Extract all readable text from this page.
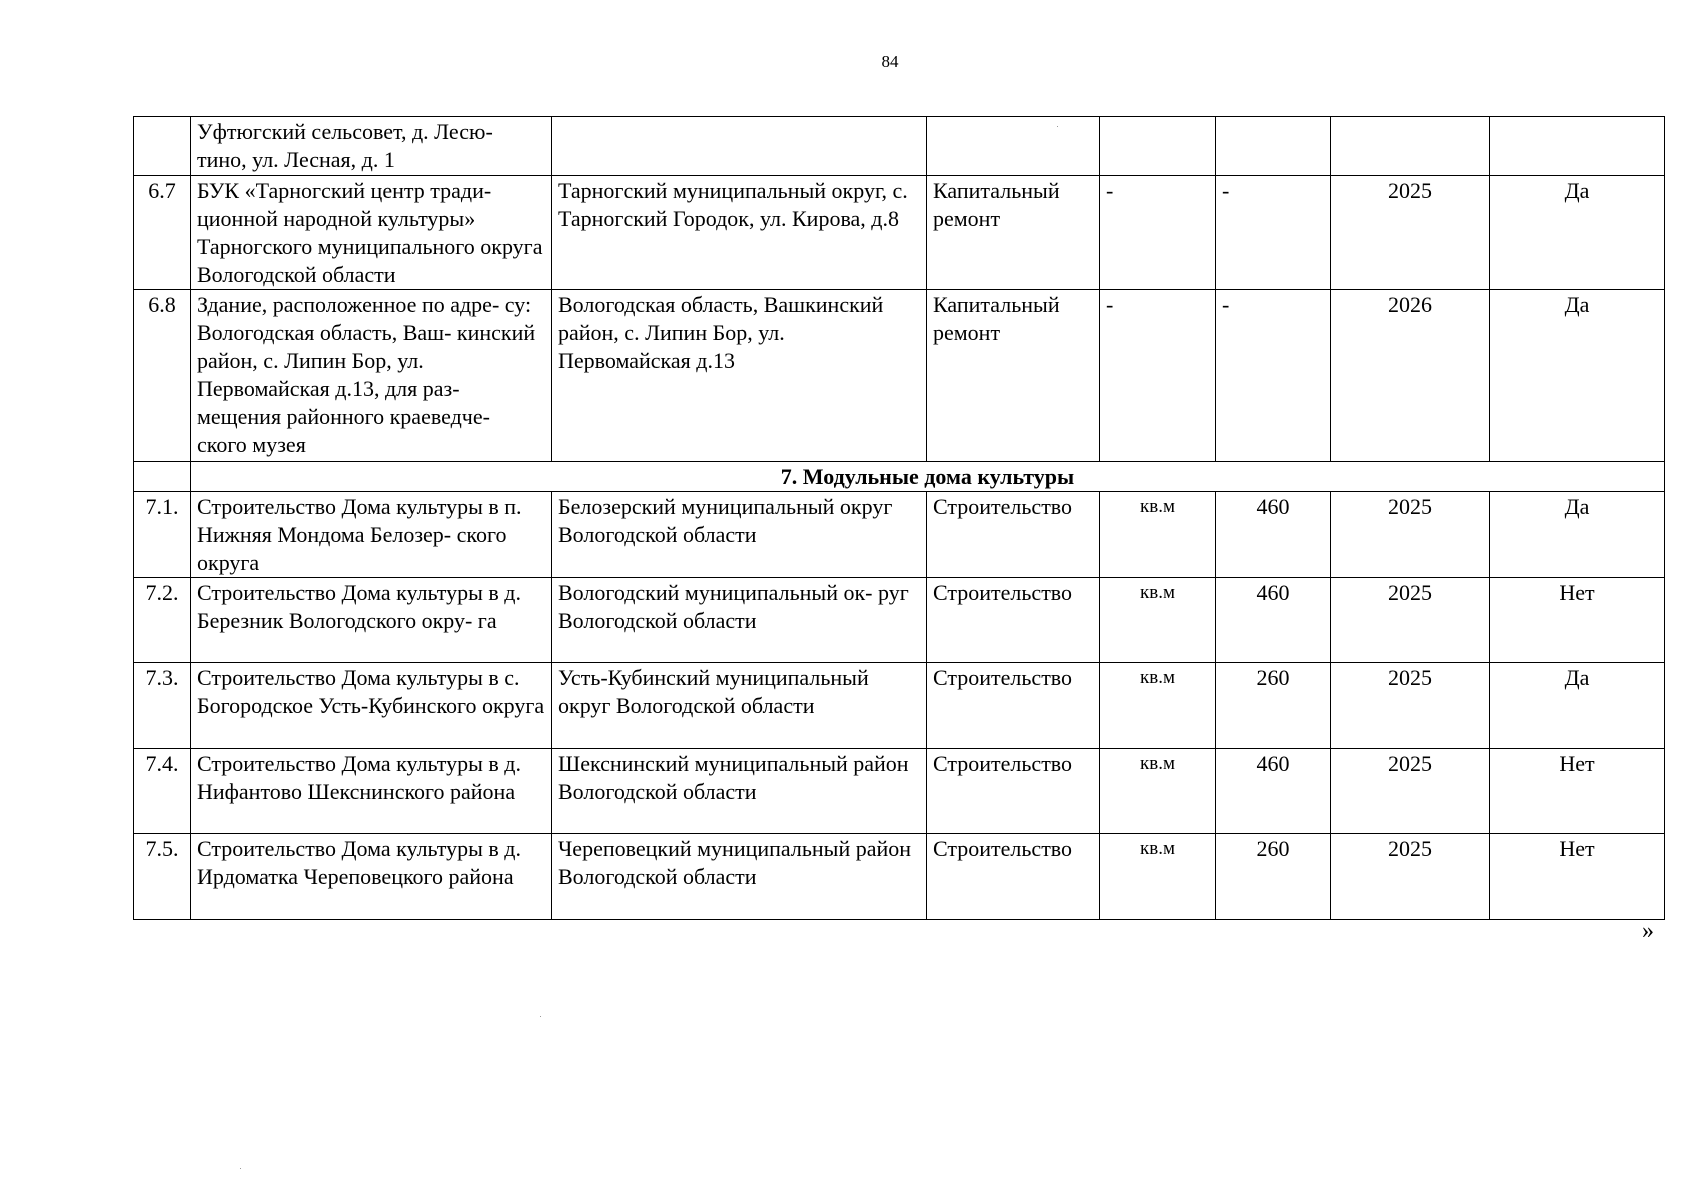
84
	Уфтюгский сельсовет, д. Лесю- тино, ул. Лесная, д. 1						
6.7	БУК «Тарногский центр тради- ционной народной культуры» Тарногского муниципального округа Вологодской области	Тарногский муниципальный округ, с. Тарногский Городок, ул. Кирова, д.8	Капитальный ремонт	-	-	2025	Да
6.8	Здание, расположенное по адре- су: Вологодская область, Ваш- кинский район, с. Липин Бор, ул. Первомайская д.13, для раз- мещения районного краеведче- ского музея	Вологодская область, Вашкинский район, с. Липин Бор, ул. Первомайская д.13	Капитальный ремонт	-	-	2026	Да
	7. Модульные дома культуры						
7.1.	Строительство Дома культуры в п. Нижняя Мондома Белозер- ского округа	Белозерский муниципальный округ Вологодской области	Строительство	кв.м	460	2025	Да
7.2.	Строительство Дома культуры в д. Березник Вологодского окру- га	Вологодский муниципальный ок- руг Вологодской области	Строительство	кв.м	460	2025	Нет
7.3.	Строительство Дома культуры в с. Богородское Усть-Кубинского округа	Усть-Кубинский муниципальный округ Вологодской области	Строительство	кв.м	260	2025	Да
7.4.	Строительство Дома культуры в д. Нифантово Шекснинского района	Шекснинский муниципальный район Вологодской области	Строительство	кв.м	460	2025	Нет
7.5.	Строительство Дома культуры в д. Ирдоматка Череповецкого района	Череповецкий муниципальный район Вологодской области	Строительство	кв.м	260	2025	Нет
»
